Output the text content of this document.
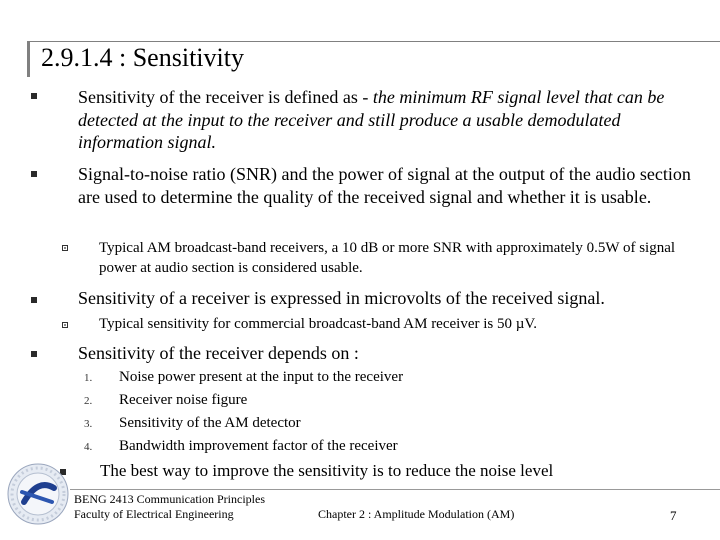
2.9.1.4 : Sensitivity
Sensitivity of the receiver is defined as - the minimum RF signal level that can be detected at the input to the receiver and still produce a usable demodulated information signal.
Signal-to-noise ratio (SNR) and the power of signal at the output of the audio section are used to determine the quality of the received signal and whether it is usable.
Typical AM broadcast-band receivers, a 10 dB or more SNR with approximately 0.5W of signal power at audio section is considered usable.
Sensitivity of a receiver is expressed in microvolts of the received signal.
Typical sensitivity for commercial broadcast-band AM receiver is 50 µV.
Sensitivity of the receiver depends on :
1. Noise power present at the input to the receiver
2. Receiver noise figure
3. Sensitivity of the AM detector
4. Bandwidth improvement factor of the receiver
The best way to improve the sensitivity is to reduce the noise level
BENG 2413 Communication Principles
Faculty of Electrical Engineering	Chapter 2 : Amplitude Modulation (AM)	7
